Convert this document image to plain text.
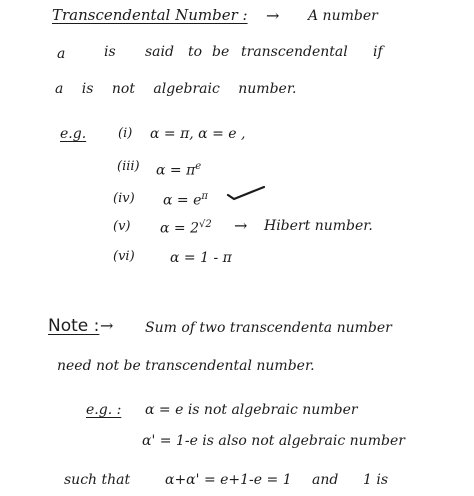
Transcendental Number : → A number
a	is said to be transcendental if
a is not algebraic number.
e.g. (i) α = π, α = e ,
(iii) $\alpha = \pi^e$
(iv) $\alpha = e^\pi$
(v) $\alpha = 2^{√2}$ → Hibert number.
(vi)	α = 1 - π
Note : → Sum of two transcendenta number
need not be transcendental number.
e.g. : α = e is not algebraic number
α' = 1-e is also not algebraic number
such that α+α' = e+1-e = 1 and 1 is
